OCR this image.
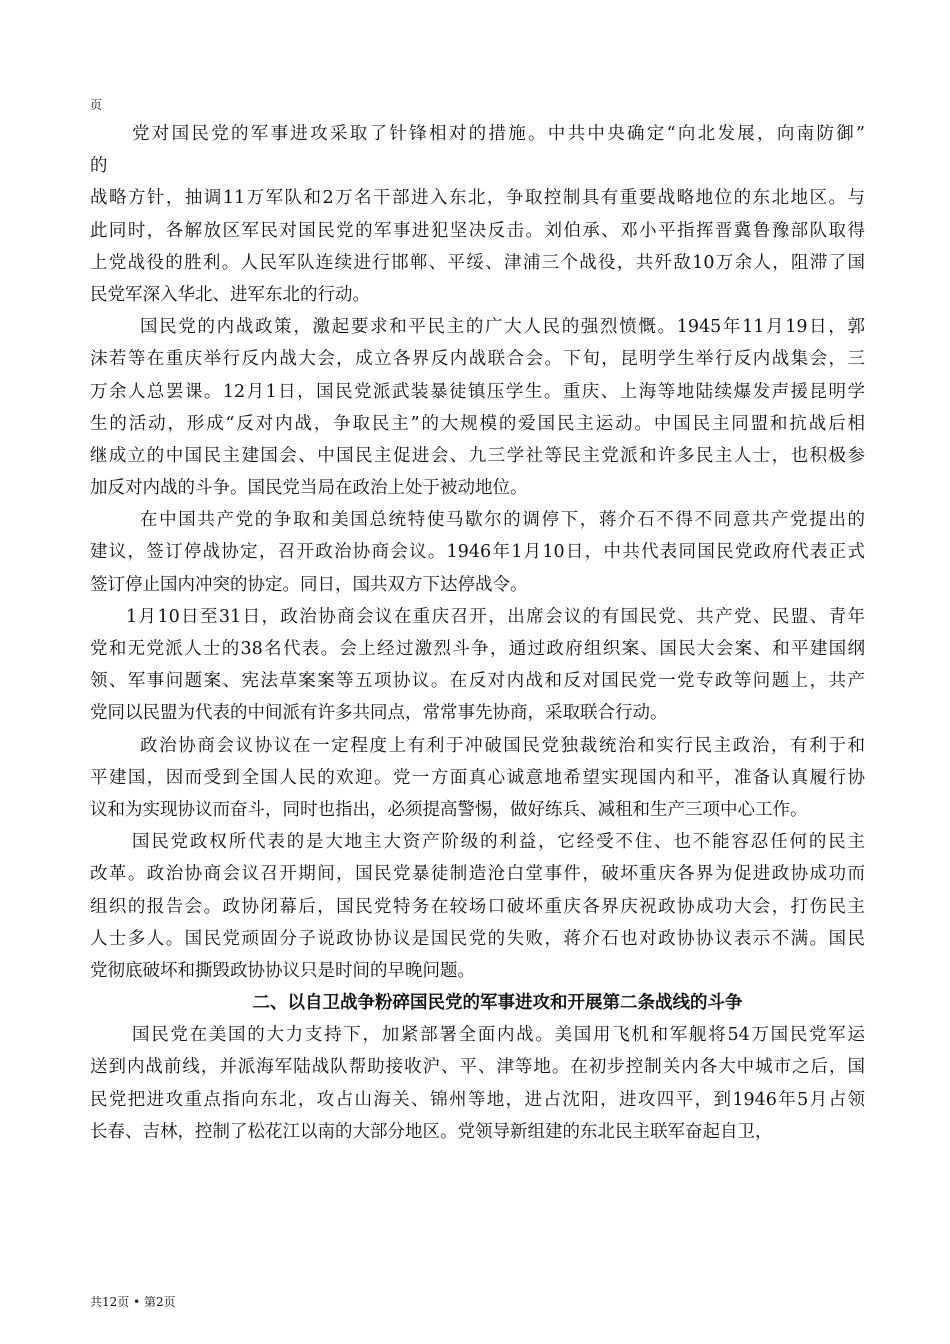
页
党对国民党的军事进攻采取了针锋相对的措施。中共中央确定“向北发展，向南防御”
的
战略方针，抽调11万军队和2万名干部进入东北，争取控制具有重要战略地位的东北地区。与
此同时，各解放区军民对国民党的军事进犯坚决反击。刘伯承、邓小平指挥晋冀鲁豫部队取得
上党战役的胜利。人民军队连续进行邯郸、平绥、津浦三个战役，共歼敌10万余人，阻滞了国
民党军深入华北、进军东北的行动。
国民党的内战政策，激起要求和平民主的广大人民的强烈愤慨。1945年11月19日，郭
沫若等在重庆举行反内战大会，成立各界反内战联合会。下旬，昆明学生举行反内战集会，三
万余人总罢课。12月1日，国民党派武装暴徒镇压学生。重庆、上海等地陆续爆发声援昆明学
生的活动，形成“反对内战，争取民主”的大规模的爱国民主运动。中国民主同盟和抗战后相
继成立的中国民主建国会、中国民主促进会、九三学社等民主党派和许多民主人士，也积极参
加反对内战的斗争。国民党当局在政治上处于被动地位。
在中国共产党的争取和美国总统特使马歇尔的调停下，蒋介石不得不同意共产党提出的
建议，签订停战协定，召开政治协商会议。1946年1月10日，中共代表同国民党政府代表正式
签订停止国内冲突的协定。同日，国共双方下达停战令。
1月10日至31日，政治协商会议在重庆召开，出席会议的有国民党、共产党、民盟、青年
党和无党派人士的38名代表。会上经过激烈斗争，通过政府组织案、国民大会案、和平建国纲
领、军事问题案、宪法草案案等五项协议。在反对内战和反对国民党一党专政等问题上，共产
党同以民盟为代表的中间派有许多共同点，常常事先协商，采取联合行动。
政治协商会议协议在一定程度上有利于冲破国民党独裁统治和实行民主政治，有利于和
平建国，因而受到全国人民的欢迎。党一方面真心诚意地希望实现国内和平，准备认真履行协
议和为实现协议而奋斗，同时也指出，必须提高警惕，做好练兵、减租和生产三项中心工作。
国民党政权所代表的是大地主大资产阶级的利益，它经受不住、也不能容忍任何的民主
改革。政治协商会议召开期间，国民党暴徒制造沧白堂事件，破坏重庆各界为促进政协成功而
组织的报告会。政协闭幕后，国民党特务在较场口破坏重庆各界庆祝政协成功大会，打伤民主
人士多人。国民党顽固分子说政协协议是国民党的失败，蒋介石也对政协协议表示不满。国民
党彻底破坏和撕毁政协协议只是时间的早晚问题。
二、以自卫战争粉碎国民党的军事进攻和开展第二条战线的斗争
国民党在美国的大力支持下，加紧部署全面内战。美国用飞机和军舰将54万国民党军运
送到内战前线，并派海军陆战队帮助接收沪、平、津等地。在初步控制关内各大中城市之后，国
民党把进攻重点指向东北，攻占山海关、锦州等地，进占沈阳，进攻四平，到1946年5月占领
长春、吉林，控制了松花江以南的大部分地区。党领导新组建的东北民主联军奋起自卫，
共12页 • 第2页
